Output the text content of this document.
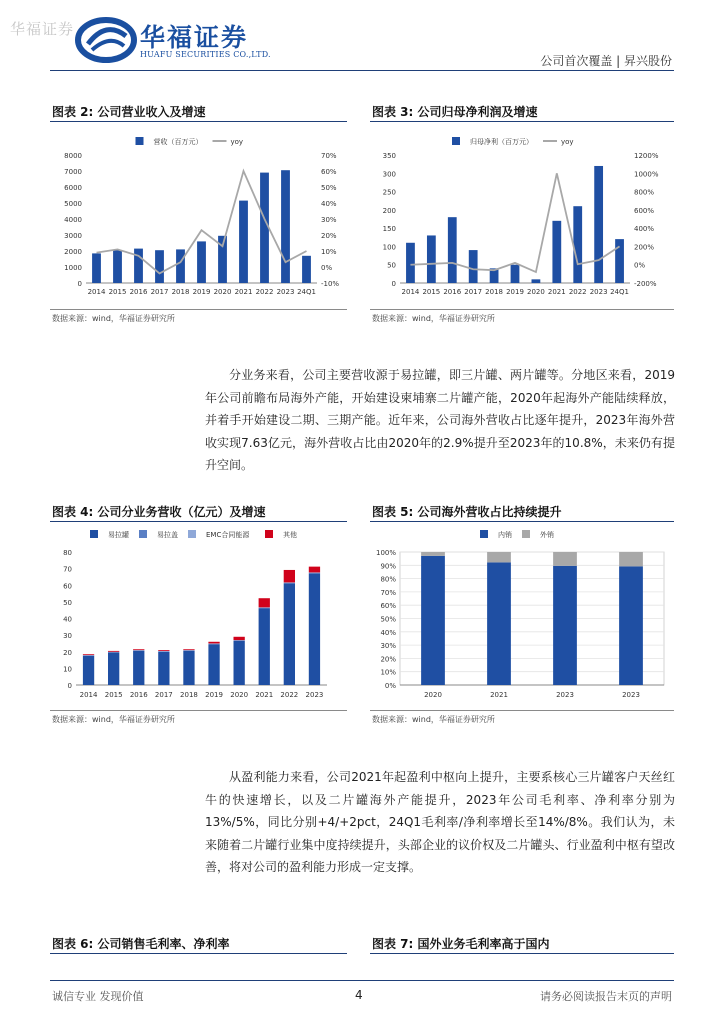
华福证券	华福证券
HUAFU SECURITIES CO.,LTD.	公司首次覆盖 | 昇兴股份
图表 2: 公司营业收入及增速	图表 3: 公司归母净利润及增速
营收（百万元）	yoy
0
1000
2000
3000
4000
5000
6000
7000
8000
-10%
0%
10%
20%
30%
40%
50%
60%
70%
2014 2015 2016 2017 2018 2019 2020 2021 2022 2023 24Q1
归母净利（百万元）	yoy
0
50
100
150
200
250
300
350
-200%
0%
200%
400%
600%
800%
1000%
1200%
2014 2015 2016 2017 2018 2019 2020 2021 2022 2023 24Q1
数据来源：wind，华福证券研究所	数据来源：wind，华福证券研究所

分业务来看，公司主要营收源于易拉罐，即三片罐、两片罐等。分地区来看，2019年公司前瞻布局海外产能，开始建设柬埔寨二片罐产能，2020年起海外产能陆续释放，并着手开始建设二期、三期产能。近年来，公司海外营收占比逐年提升，2023年海外营收实现7.63亿元，海外营收占比由2020年的2.9%提升至2023年的10.8%，未来仍有提升空间。

图表 4: 公司分业务营收（亿元）及增速	图表 5: 公司海外营收占比持续提升
易拉罐	易拉盖	EMC合同能源	其他
0
10
20
30
40
50
60
70
80
2014 2015 2016 2017 2018 2019 2020 2021 2022 2023
内销	外销
0%
10%
20%
30%
40%
50%
60%
70%
80%
90%
100%
2020	2021	2023	2023
数据来源：wind，华福证券研究所	数据来源：wind，华福证券研究所

从盈利能力来看，公司2021年起盈利中枢向上提升，主要系核心三片罐客户天丝红牛的快速增长，以及二片罐海外产能提升，2023年公司毛利率、净利率分别为13%/5%，同比分别+4/+2pct，24Q1毛利率/净利率增长至14%/8%。我们认为，未来随着二片罐行业集中度持续提升，头部企业的议价权及二片罐头、行业盈利中枢有望改善，将对公司的盈利能力形成一定支撑。

图表 6: 公司销售毛利率、净利率	图表 7: 国外业务毛利率高于国内
诚信专业 发现价值	4	请务必阅读报告末页的声明
